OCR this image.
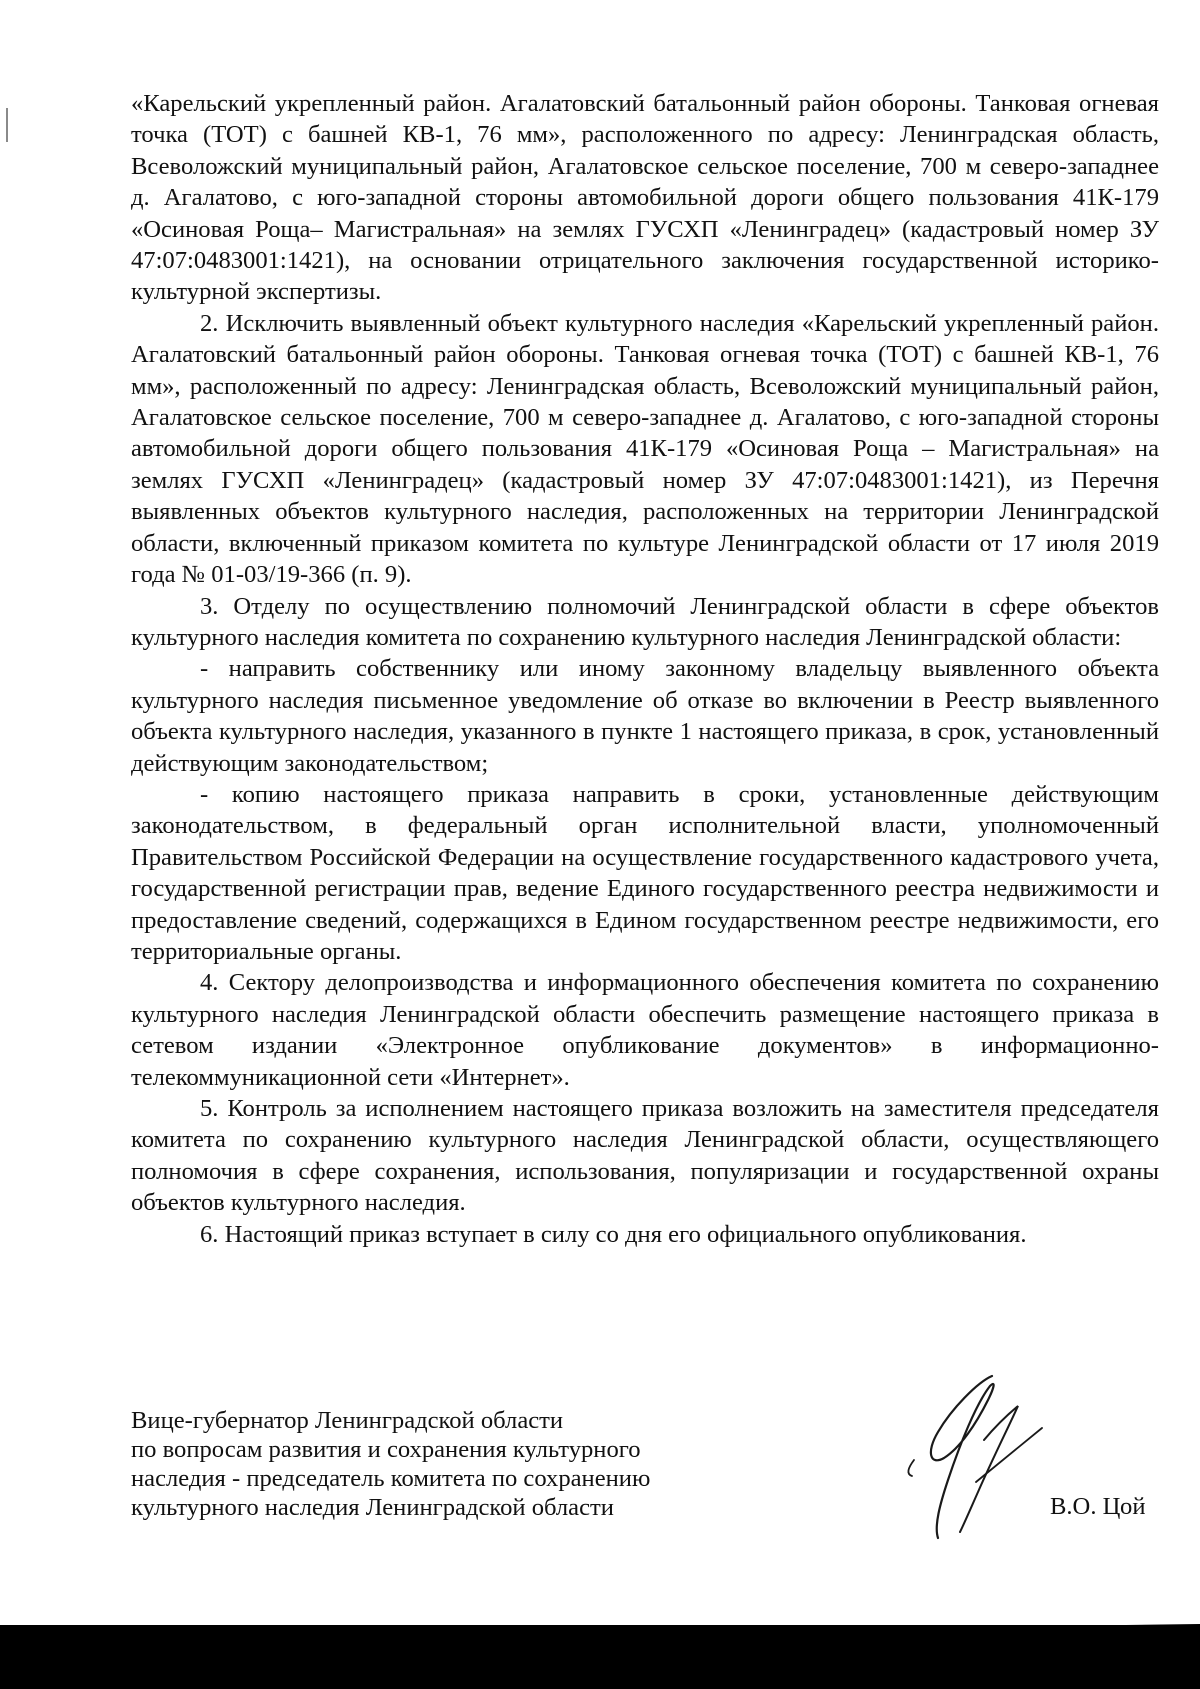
«Карельский укрепленный район. Агалатовский батальонный район обороны. Танковая огневая точка (ТОТ) с башней КВ-1, 76 мм», расположенного по адресу: Ленинградская область, Всеволожский муниципальный район, Агалатовское сельское поселение, 700 м северо-западнее д. Агалатово, с юго-западной стороны автомобильной дороги общего пользования 41К-179 «Осиновая Роща– Магистральная» на землях ГУСХП «Ленинградец» (кадастровый номер ЗУ 47:07:0483001:1421), на основании отрицательного заключения государственной историко-культурной экспертизы.

2. Исключить выявленный объект культурного наследия «Карельский укрепленный район. Агалатовский батальонный район обороны. Танковая огневая точка (ТОТ) с башней КВ-1, 76 мм», расположенный по адресу: Ленинградская область, Всеволожский муниципальный район, Агалатовское сельское поселение, 700 м северо-западнее д. Агалатово, с юго-западной стороны автомобильной дороги общего пользования 41К-179 «Осиновая Роща – Магистральная» на землях ГУСХП «Ленинградец» (кадастровый номер ЗУ 47:07:0483001:1421), из Перечня выявленных объектов культурного наследия, расположенных на территории Ленинградской области, включенный приказом комитета по культуре Ленинградской области от 17 июля 2019 года № 01-03/19-366 (п. 9).

3. Отделу по осуществлению полномочий Ленинградской области в сфере объектов культурного наследия комитета по сохранению культурного наследия Ленинградской области:

- направить собственнику или иному законному владельцу выявленного объекта культурного наследия письменное уведомление об отказе во включении в Реестр выявленного объекта культурного наследия, указанного в пункте 1 настоящего приказа, в срок, установленный действующим законодательством;

- копию настоящего приказа направить в сроки, установленные действующим законодательством, в федеральный орган исполнительной власти, уполномоченный Правительством Российской Федерации на осуществление государственного кадастрового учета, государственной регистрации прав, ведение Единого государственного реестра недвижимости и предоставление сведений, содержащихся в Едином государственном реестре недвижимости, его территориальные органы.

4. Сектору делопроизводства и информационного обеспечения комитета по сохранению культурного наследия Ленинградской области обеспечить размещение настоящего приказа в сетевом издании «Электронное опубликование документов» в информационно-телекоммуникационной сети «Интернет».

5. Контроль за исполнением настоящего приказа возложить на заместителя председателя комитета по сохранению культурного наследия Ленинградской области, осуществляющего полномочия в сфере сохранения, использования, популяризации и государственной охраны объектов культурного наследия.

6. Настоящий приказ вступает в силу со дня его официального опубликования.

Вице-губернатор Ленинградской области
по вопросам развития и сохранения культурного
наследия - председатель комитета по сохранению
культурного наследия Ленинградской области	В.О. Цой
